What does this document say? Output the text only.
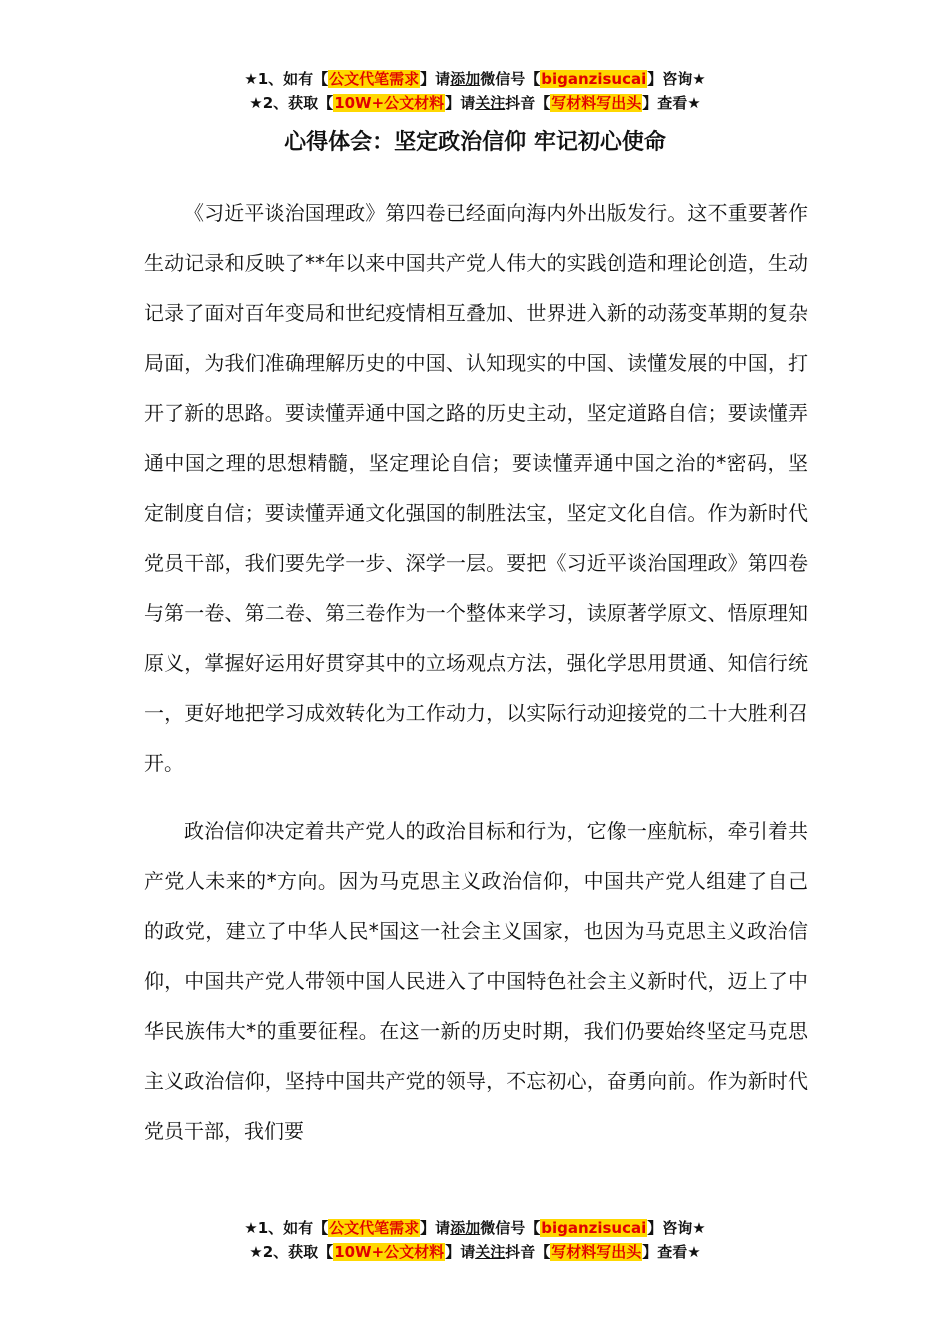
★1、如有【公文代笔需求】请添加微信号【biganzisucai】咨询★
★2、获取【10W+公文材料】请关注抖音【写材料写出头】查看★
心得体会：坚定政治信仰 牢记初心使命

《习近平谈治国理政》第四卷已经面向海内外出版发行。这不重要著作生动记录和反映了**年以来中国共产党人伟大的实践创造和理论创造，生动记录了面对百年变局和世纪疫情相互叠加、世界进入新的动荡变革期的复杂局面，为我们准确理解历史的中国、认知现实的中国、读懂发展的中国，打开了新的思路。要读懂弄通中国之路的历史主动，坚定道路自信；要读懂弄通中国之理的思想精髓，坚定理论自信；要读懂弄通中国之治的*密码，坚定制度自信；要读懂弄通文化强国的制胜法宝，坚定文化自信。作为新时代党员干部，我们要先学一步、深学一层。要把《习近平谈治国理政》第四卷与第一卷、第二卷、第三卷作为一个整体来学习，读原著学原文、悟原理知原义，掌握好运用好贯穿其中的立场观点方法，强化学思用贯通、知信行统一，更好地把学习成效转化为工作动力，以实际行动迎接党的二十大胜利召开。

政治信仰决定着共产党人的政治目标和行为，它像一座航标，牵引着共产党人未来的*方向。因为马克思主义政治信仰，中国共产党人组建了自己的政党，建立了中华人民*国这一社会主义国家，也因为马克思主义政治信仰，中国共产党人带领中国人民进入了中国特色社会主义新时代，迈上了中华民族伟大*的重要征程。在这一新的历史时期，我们仍要始终坚定马克思主义政治信仰，坚持中国共产党的领导，不忘初心，奋勇向前。作为新时代党员干部，我们要

★1、如有【公文代笔需求】请添加微信号【biganzisucai】咨询★
★2、获取【10W+公文材料】请关注抖音【写材料写出头】查看★
